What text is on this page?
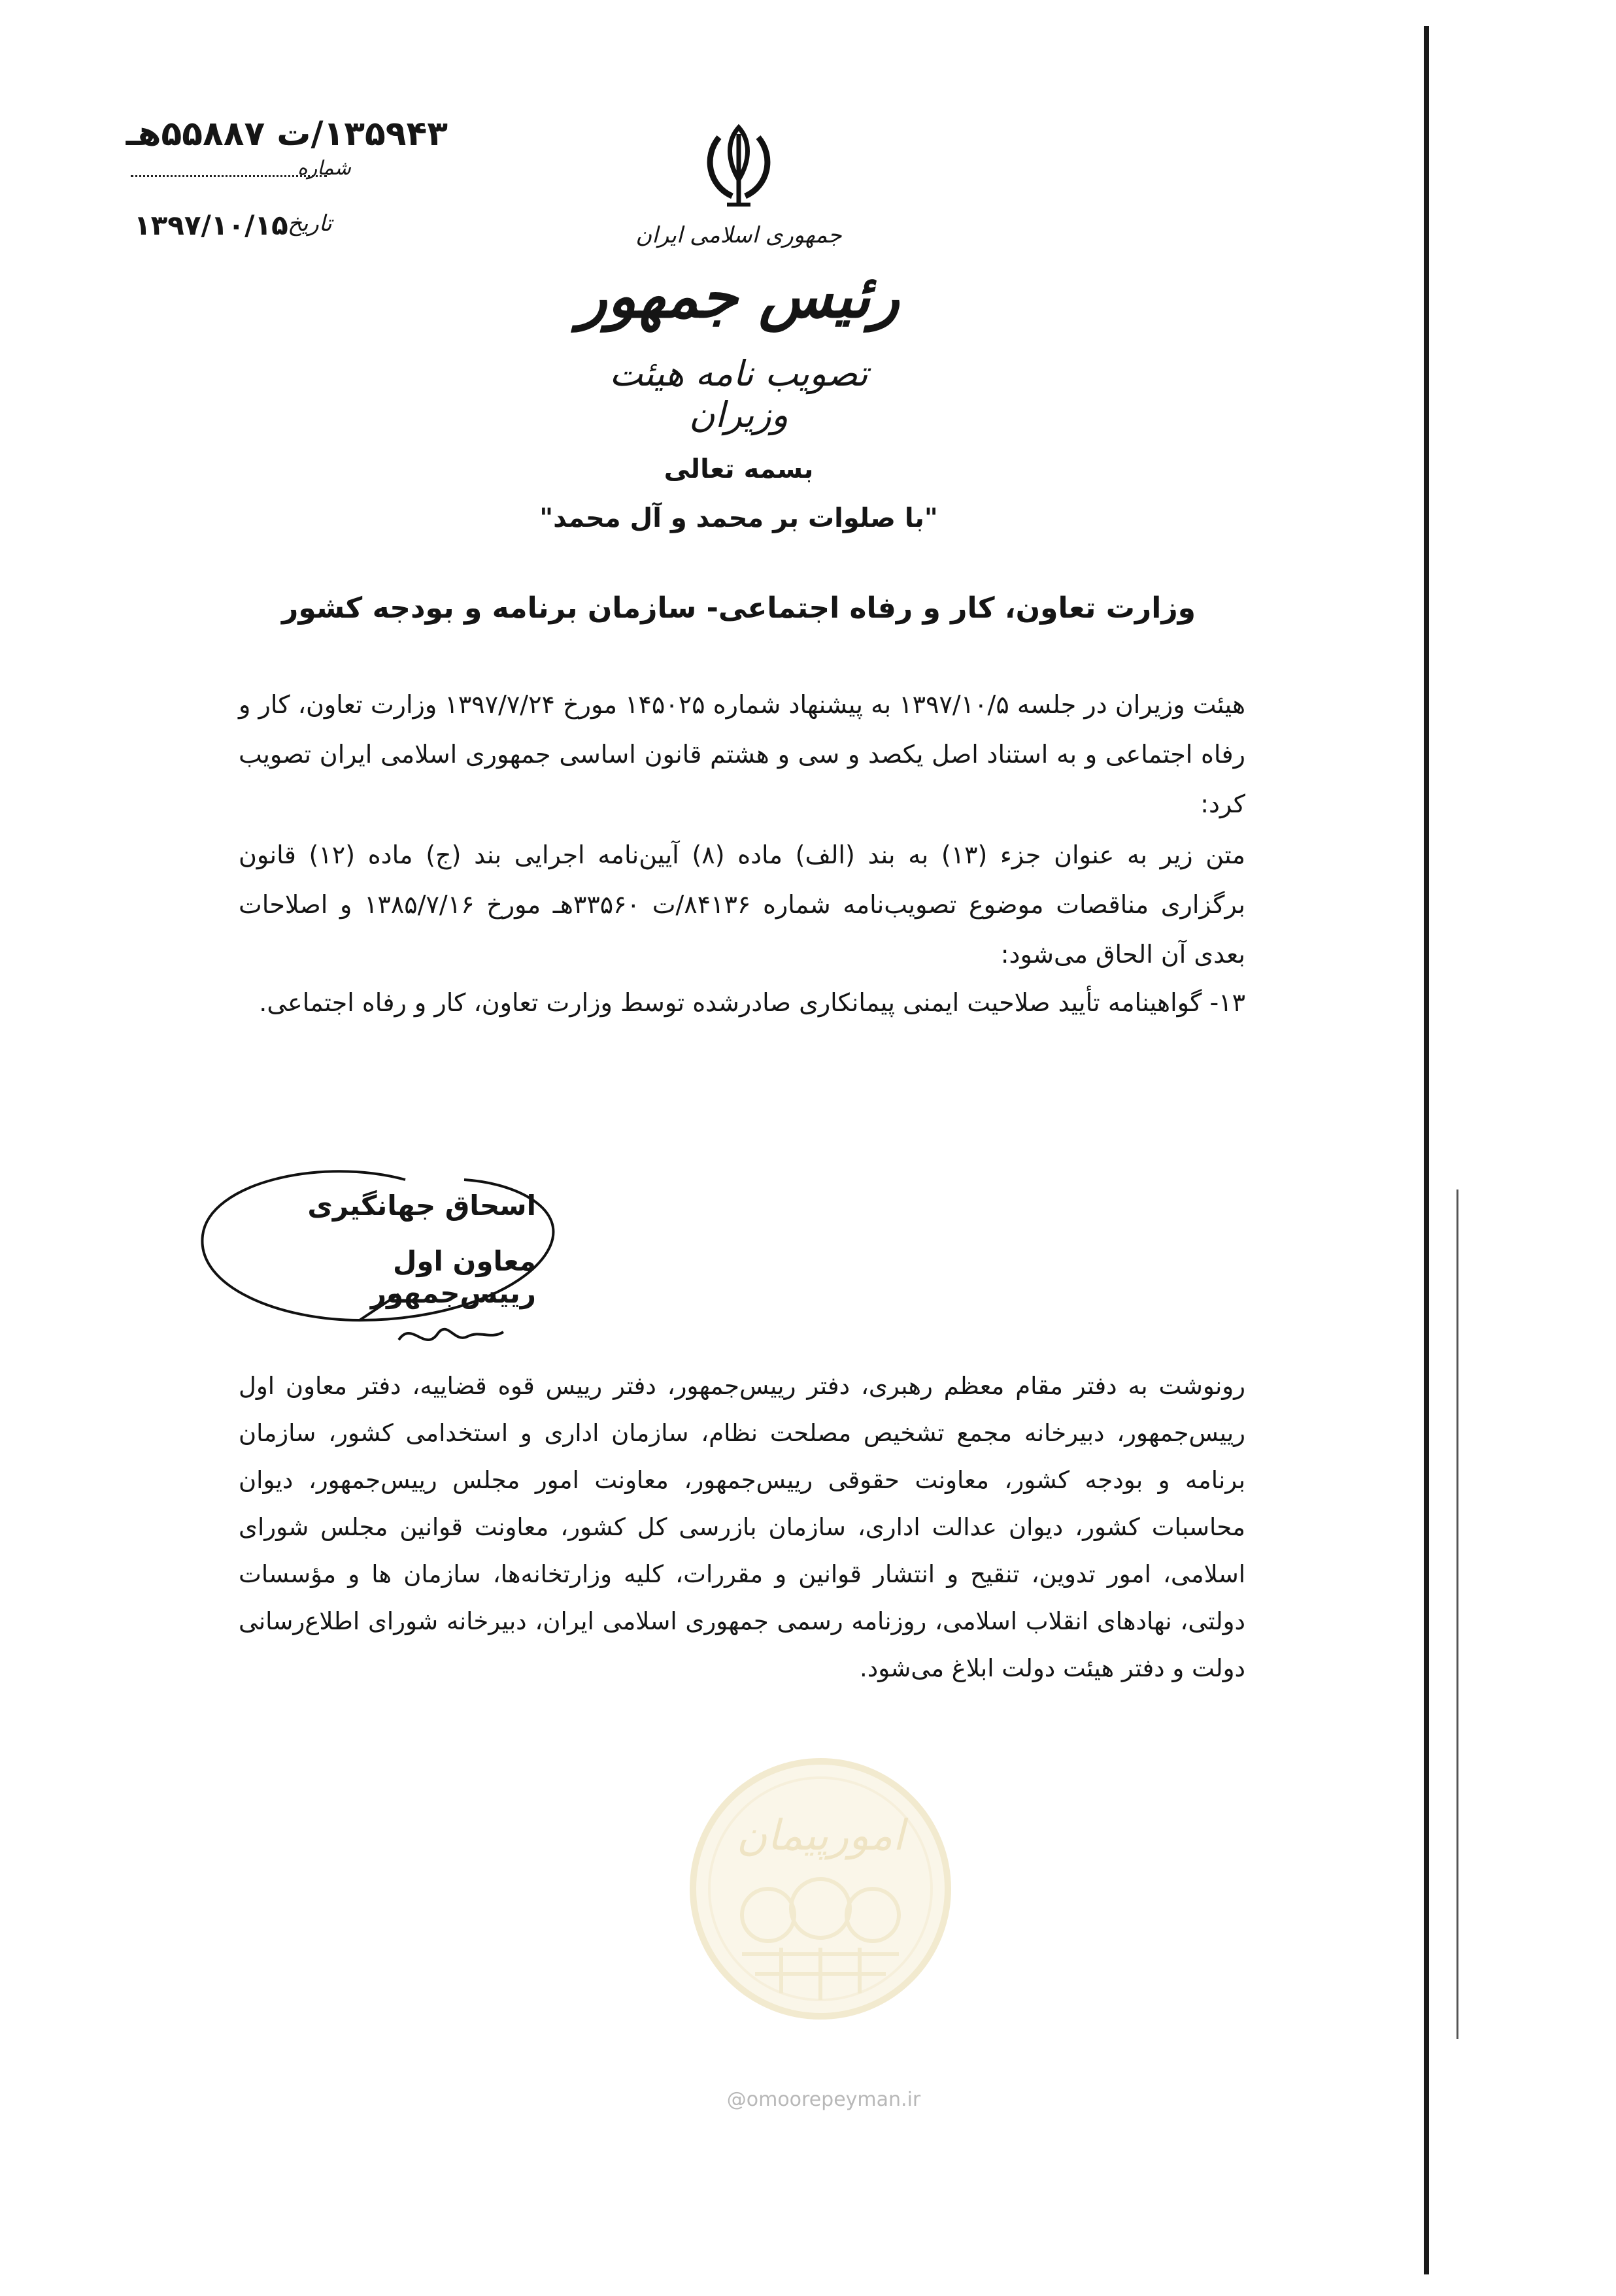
جمهوری اسلامی ایران
رئیس جمهور
تصویب نامه هیئت وزیران
۱۳۵۹۴۳/ت ۵۵۸۸۷هـ
شماره
۱۳۹۷/۱۰/۱۵ تاریخ
بسمه تعالی
"با صلوات بر محمد و آل محمد"
وزارت تعاون، کار و رفاه اجتماعی- سازمان برنامه و بودجه کشور
هیئت وزیران در جلسه ۱۳۹۷/۱۰/۵ به پیشنهاد شماره ۱۴۵۰۲۵ مورخ ۱۳۹۷/۷/۲۴ وزارت تعاون، کار و رفاه اجتماعی و به استناد اصل یکصد و سی و هشتم قانون اساسی جمهوری اسلامی ایران تصویب کرد:
متن زیر به عنوان جزء (۱۳) به بند (الف) ماده (۸) آیین‌نامه اجرایی بند (ج) ماده (۱۲) قانون برگزاری مناقصات موضوع تصویب‌نامه شماره ۸۴۱۳۶/ت ۳۳۵۶۰هـ مورخ ۱۳۸۵/۷/۱۶ و اصلاحات بعدی آن الحاق می‌شود:
۱۳- گواهینامه تأیید صلاحیت ایمنی پیمانکاری صادرشده توسط وزارت تعاون، کار و رفاه اجتماعی.
اسحاق جهانگیری
معاون اول رییس‌جمهور
رونوشت به دفتر مقام معظم رهبری، دفتر رییس‌جمهور، دفتر رییس قوه قضاییه، دفتر معاون اول رییس‌جمهور، دبیرخانه مجمع تشخیص مصلحت نظام، سازمان اداری و استخدامی کشور، سازمان برنامه و بودجه کشور، معاونت حقوقی رییس‌جمهور، معاونت امور مجلس رییس‌جمهور، دیوان محاسبات کشور، دیوان عدالت اداری، سازمان بازرسی کل کشور، معاونت قوانین مجلس شورای اسلامی، امور تدوین، تنقیح و انتشار قوانین و مقررات، کلیه وزارتخانه‌ها، سازمان ها و مؤسسات دولتی، نهادهای انقلاب اسلامی، روزنامه رسمی جمهوری اسلامی ایران، دبیرخانه شورای اطلاع‌رسانی دولت و دفتر هیئت دولت ابلاغ می‌شود.
امورپیمان
@omoorepeyman.ir
